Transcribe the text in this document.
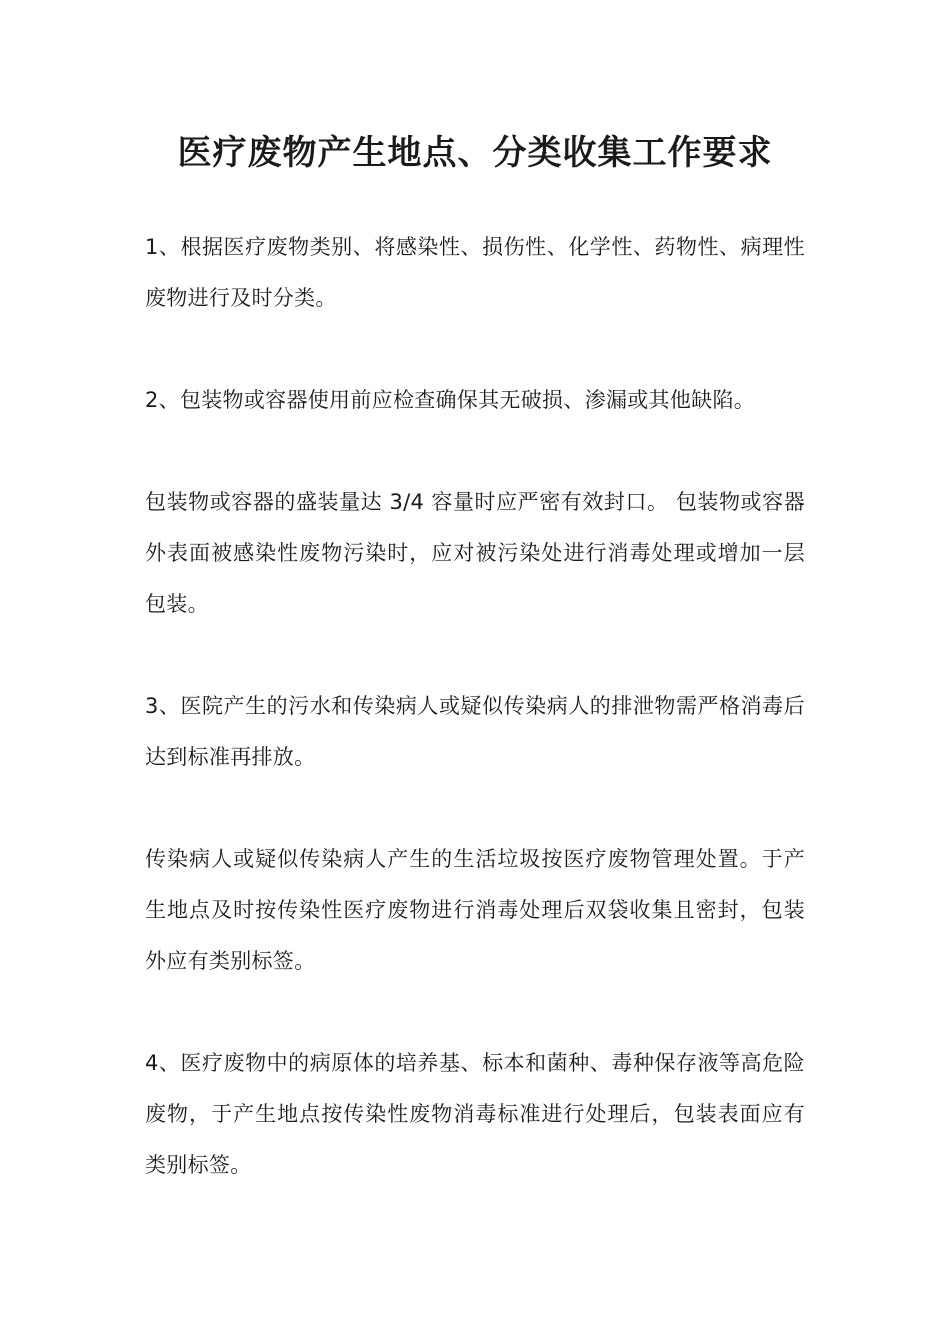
医疗废物产生地点、分类收集工作要求

1、根据医疗废物类别、将感染性、损伤性、化学性、药物性、病理性废物进行及时分类。

2、包装物或容器使用前应检查确保其无破损、渗漏或其他缺陷。

包装物或容器的盛装量达 3/4 容量时应严密有效封口。 包装物或容器外表面被感染性废物污染时，应对被污染处进行消毒处理或增加一层包装。

3、医院产生的污水和传染病人或疑似传染病人的排泄物需严格消毒后达到标准再排放。

传染病人或疑似传染病人产生的生活垃圾按医疗废物管理处置。于产生地点及时按传染性医疗废物进行消毒处理后双袋收集且密封，包装外应有类别标签。

4、医疗废物中的病原体的培养基、标本和菌种、毒种保存液等高危险废物，于产生地点按传染性废物消毒标准进行处理后，包装表面应有类别标签。
